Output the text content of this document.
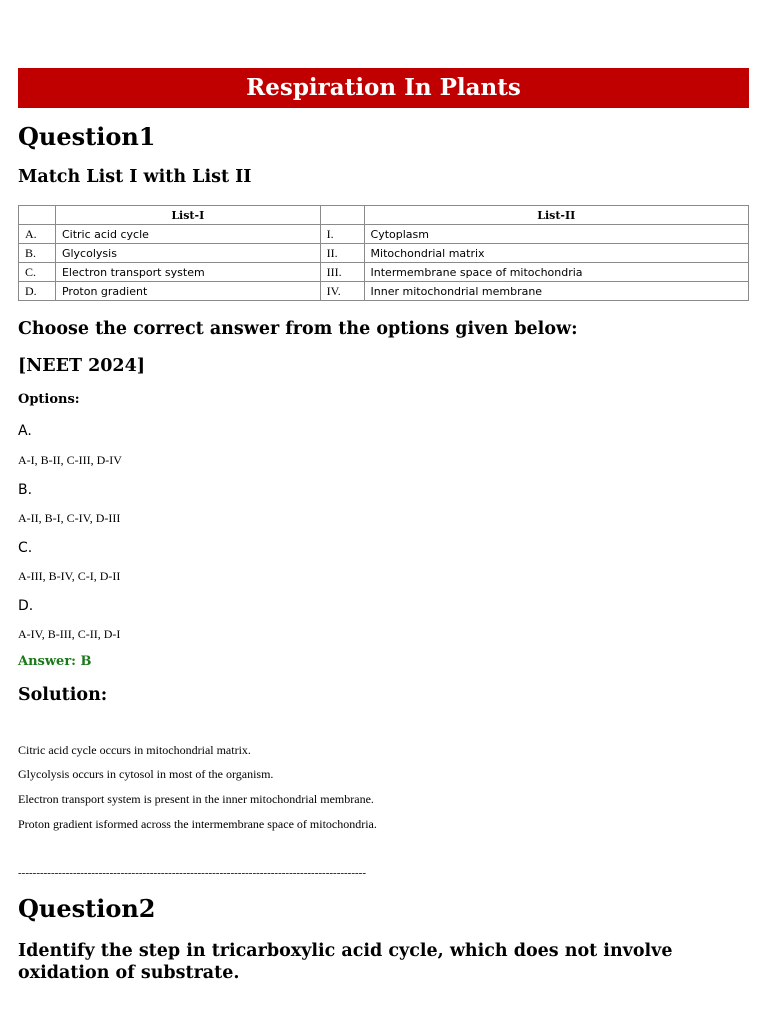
Respiration In Plants
Question1
Match List I with List II
	List-I		List-II
A.	Citric acid cycle	I.	Cytoplasm
B.	Glycolysis	II.	Mitochondrial matrix
C.	Electron transport system	III.	Intermembrane space of mitochondria
D.	Proton gradient	IV.	Inner mitochondrial membrane
Choose the correct answer from the options given below:
[NEET 2024]
Options:
A.
A-I, B-II, C-III, D-IV
B.
A-II, B-I, C-IV, D-III
C.
A-III, B-IV, C-I, D-II
D.
A-IV, B-III, C-II, D-I
Answer: B
Solution:
Citric acid cycle occurs in mitochondrial matrix.
Glycolysis occurs in cytosol in most of the organism.
Electron transport system is present in the inner mitochondrial membrane.
Proton gradient isformed across the intermembrane space of mitochondria.
-----------------------------------------------------------------------------------------------
Question2
Identify the step in tricarboxylic acid cycle, which does not involve oxidation of substrate.
